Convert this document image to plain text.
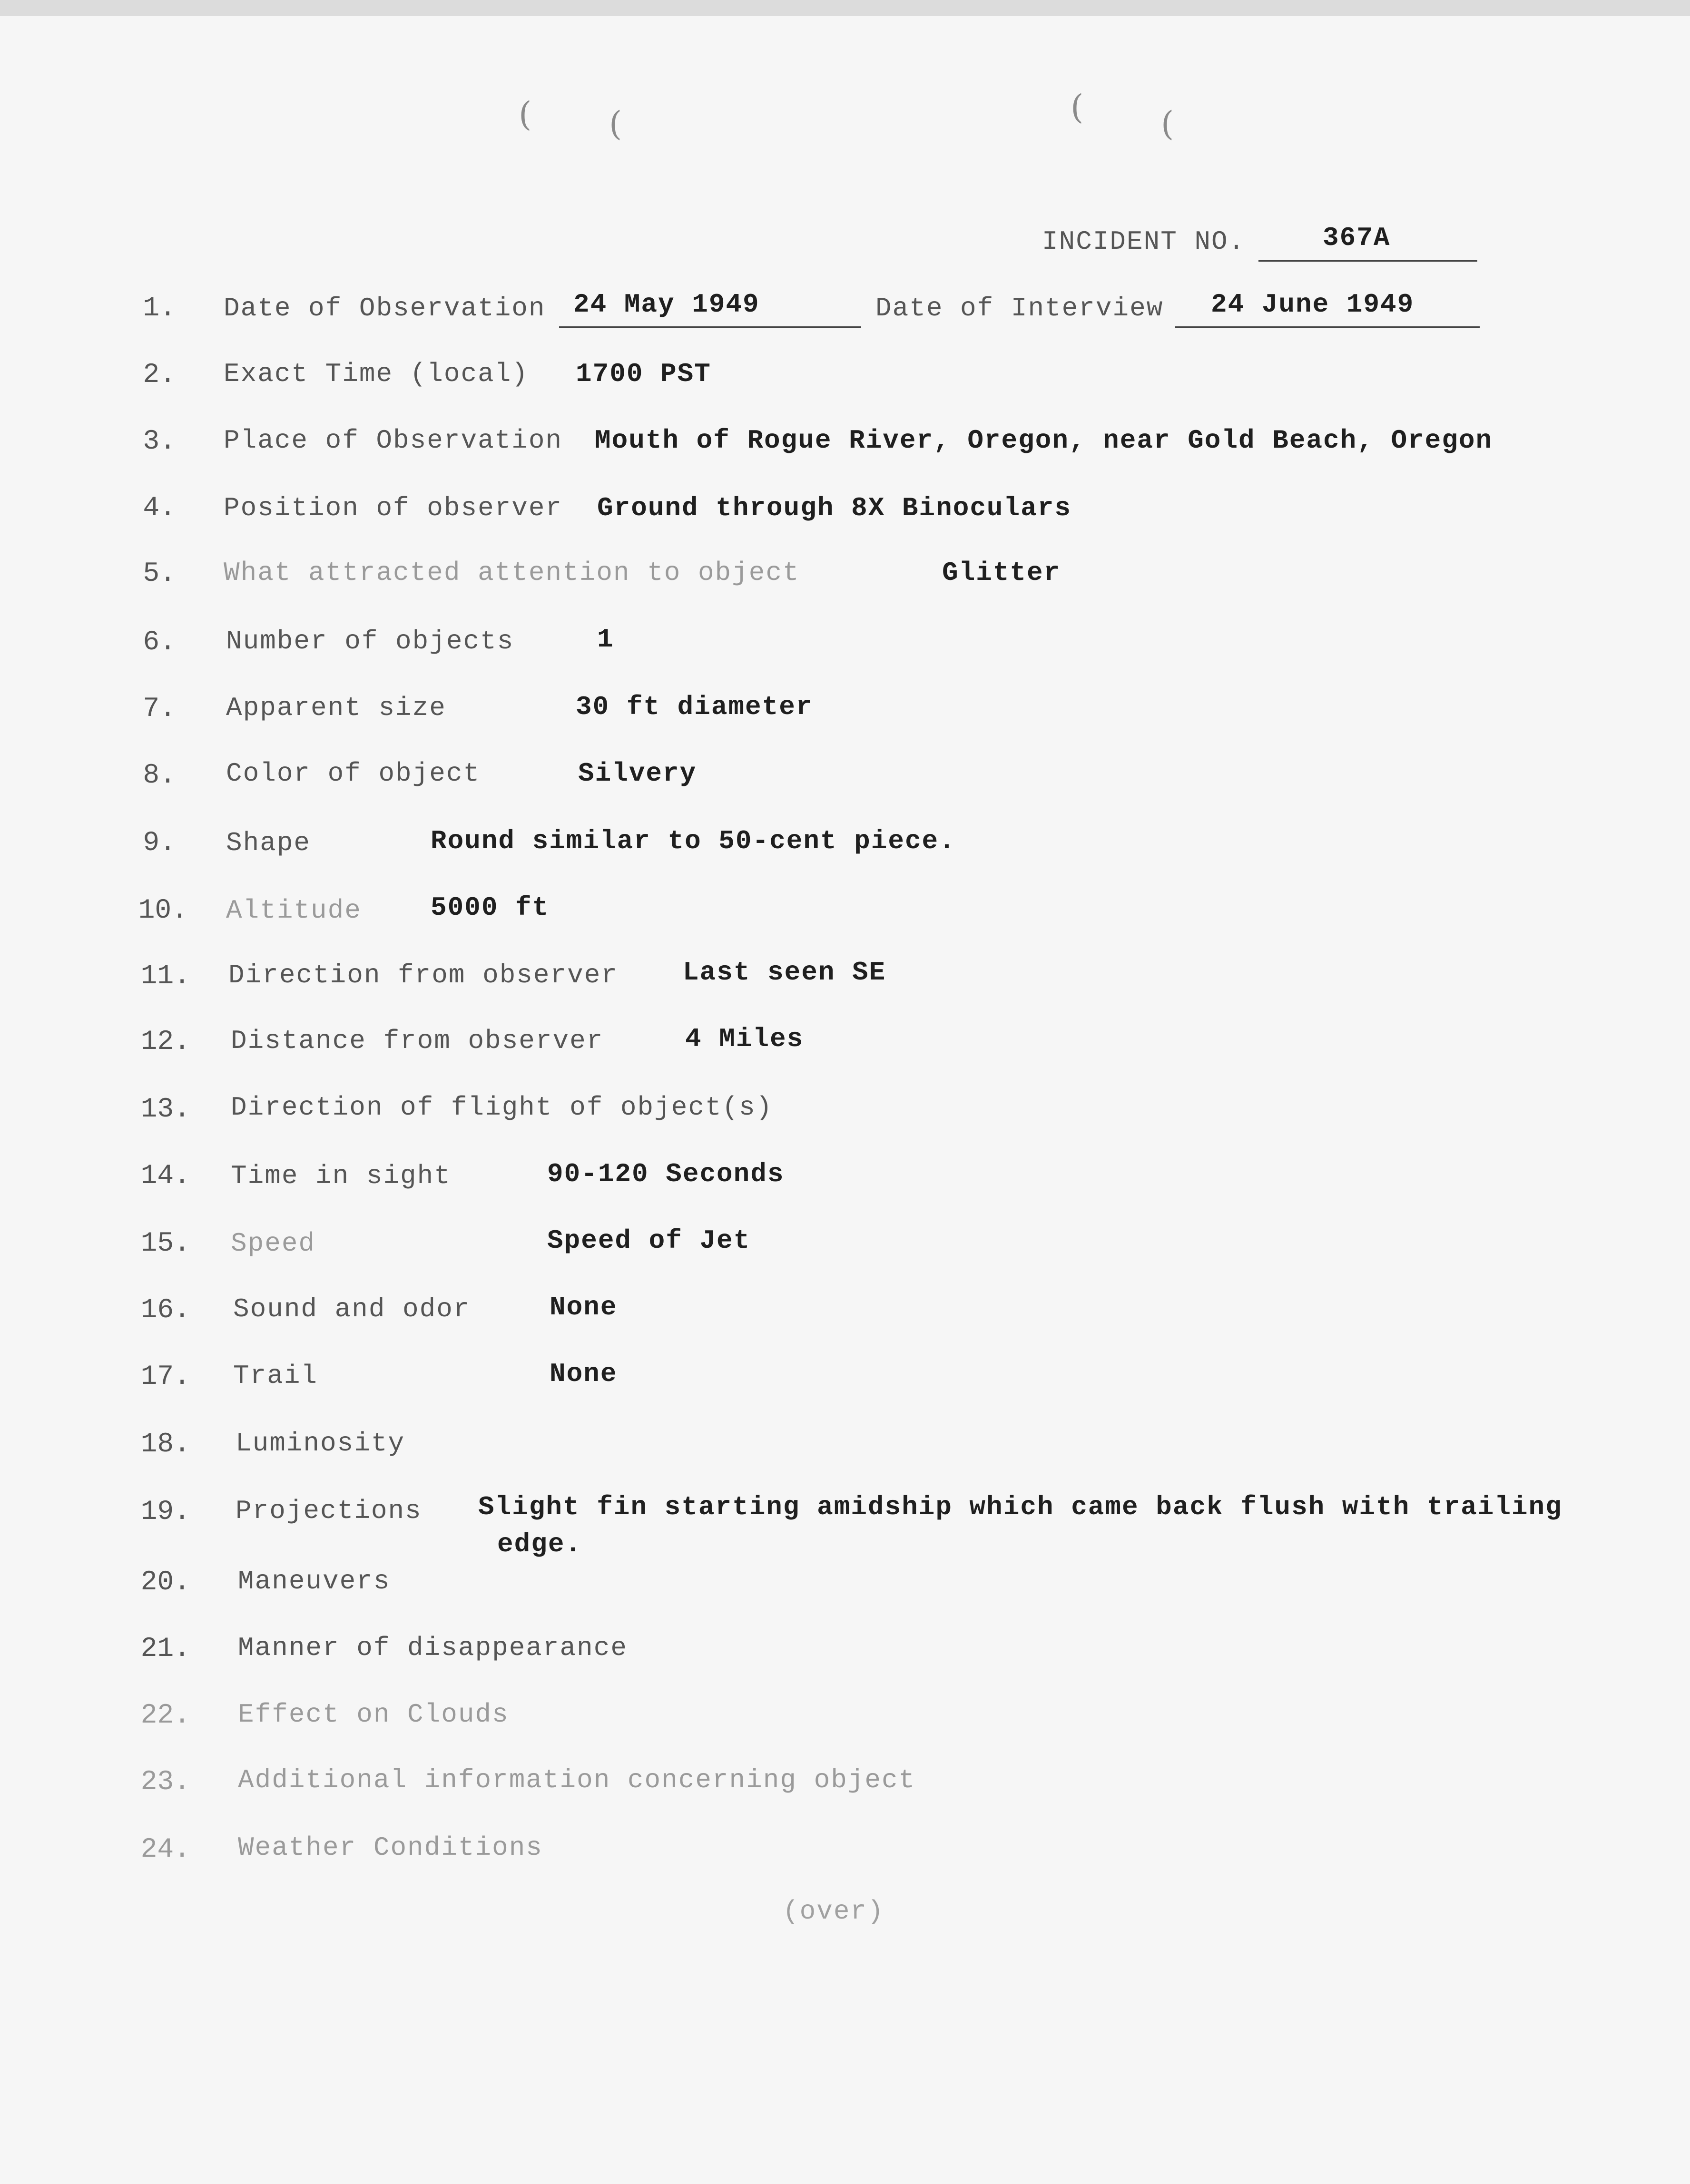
( (	( (
INCIDENT NO.	367A
1. Date of Observation 24 May 1949	Date of Interview 24 June 1949
2. Exact Time (local) 1700 PST
3. Place of Observation Mouth of Rogue River, Oregon, near Gold Beach, Oregon
4. Position of observer Ground through 8X Binoculars
5. What attracted attention to object	Glitter
6. Number of objects	1
7. Apparent size	30 ft diameter
8. Color of object	Silvery
9. Shape	Round similar to 50-cent piece.
10. Altitude	5000 ft
11. Direction from observer Last seen SE
12. Distance from observer	4 Miles
13. Direction of flight of object(s)
14. Time in sight	90-120 Seconds
15. Speed	Speed of Jet
16. Sound and odor	None
17. Trail	None
18. Luminosity
19. Projections Slight fin starting amidship which came back flush with trailing
edge.
20. Maneuvers
21. Manner of disappearance
22. Effect on Clouds
23. Additional information concerning object
24. Weather Conditions
(over)
